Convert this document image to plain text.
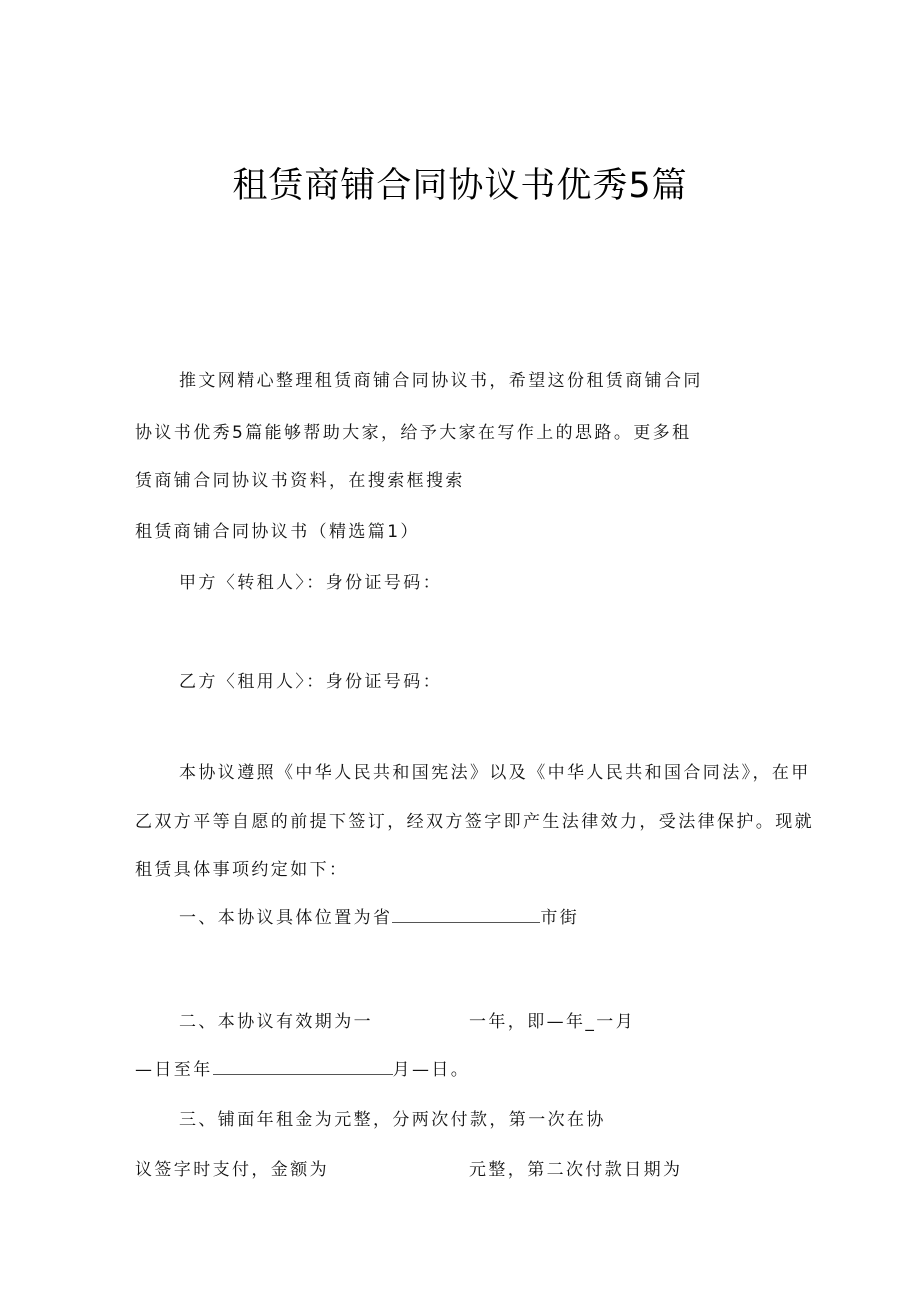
租赁商铺合同协议书优秀5篇
推文网精心整理租赁商铺合同协议书，希望这份租赁商铺合同
协议书优秀5篇能够帮助大家，给予大家在写作上的思路。更多租
赁商铺合同协议书资料，在搜索框搜索
租赁商铺合同协议书（精选篇1）
甲方〈转租人〉：身份证号码：
乙方〈租用人〉：身份证号码：
本协议遵照《中华人民共和国宪法》以及《中华人民共和国合同法》，在甲
乙双方平等自愿的前提下签订，经双方签字即产生法律效力，受法律保护。现就
租赁具体事项约定如下：
一、本协议具体位置为省	市街
二、本协议有效期为一	一年，即—年_一月
—日至年	月—日。
三、铺面年租金为元整，分两次付款，第一次在协
议签字时支付，金额为	元整，第二次付款日期为
